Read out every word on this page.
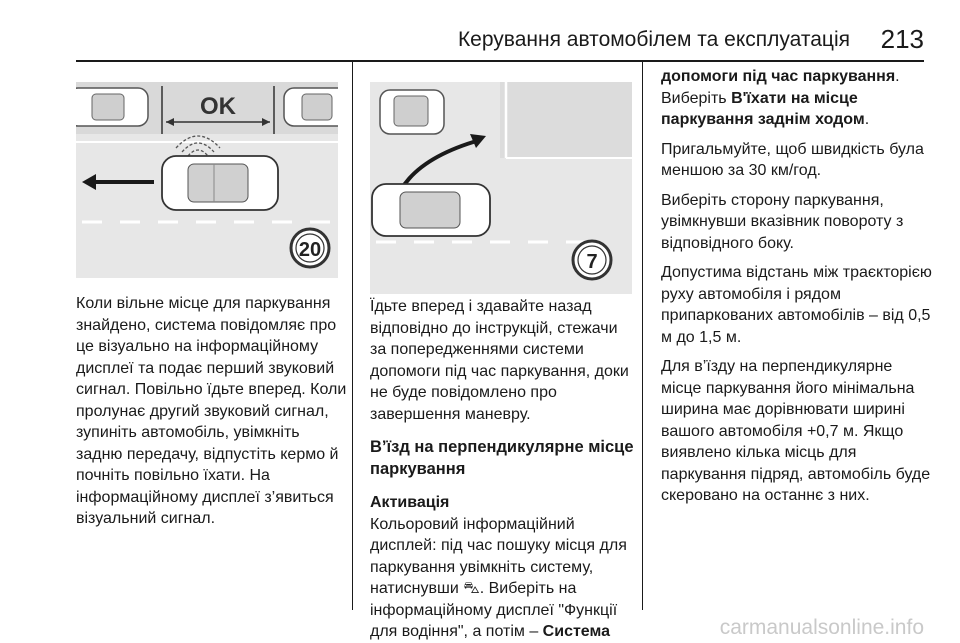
Керування автомобілем та експлуатація 213
OK
20
7

Коли вільне місце для паркування знайдено, система повідомляє про це візуально на інформаційному дисплеї та подає перший звуковий сигнал. Повільно їдьте вперед. Коли пролунає другий звуковий сигнал, зупиніть автомобіль, увімкніть задню передачу, відпустіть кермо й почніть повільно їхати. На інформаційному дисплеї з’явиться візуальний сигнал.

Їдьте вперед і здавайте назад відповідно до інструкцій, стежачи за попередженнями системи допомоги під час паркування, доки не буде повідомлено про завершення маневру.

В’їзд на перпендикулярне місце паркування

Активація

Кольоровий інформаційний дисплей: під час пошуку місця для паркування увімкніть систему, натиснувши ⛍. Виберіть на інформаційному дисплеї "Функції для водіння", а потім – Система

допомоги під час паркування.

Виберіть В'їхати на місце паркування заднім ходом.

Пригальмуйте, щоб швидкість була меншою за 30 км/год.

Виберіть сторону паркування, увімкнувши вказівник повороту з відповідного боку.

Допустима відстань між траєкторією руху автомобіля і рядом припаркованих автомобілів – від 0,5 м до 1,5 м.

Для в’їзду на перпендикулярне місце паркування його мінімальна ширина має дорівнювати ширині вашого автомобіля +0,7 м. Якщо виявлено кілька місць для паркування підряд, автомобіль буде скеровано на останнє з них.

carmanualsonline.info
